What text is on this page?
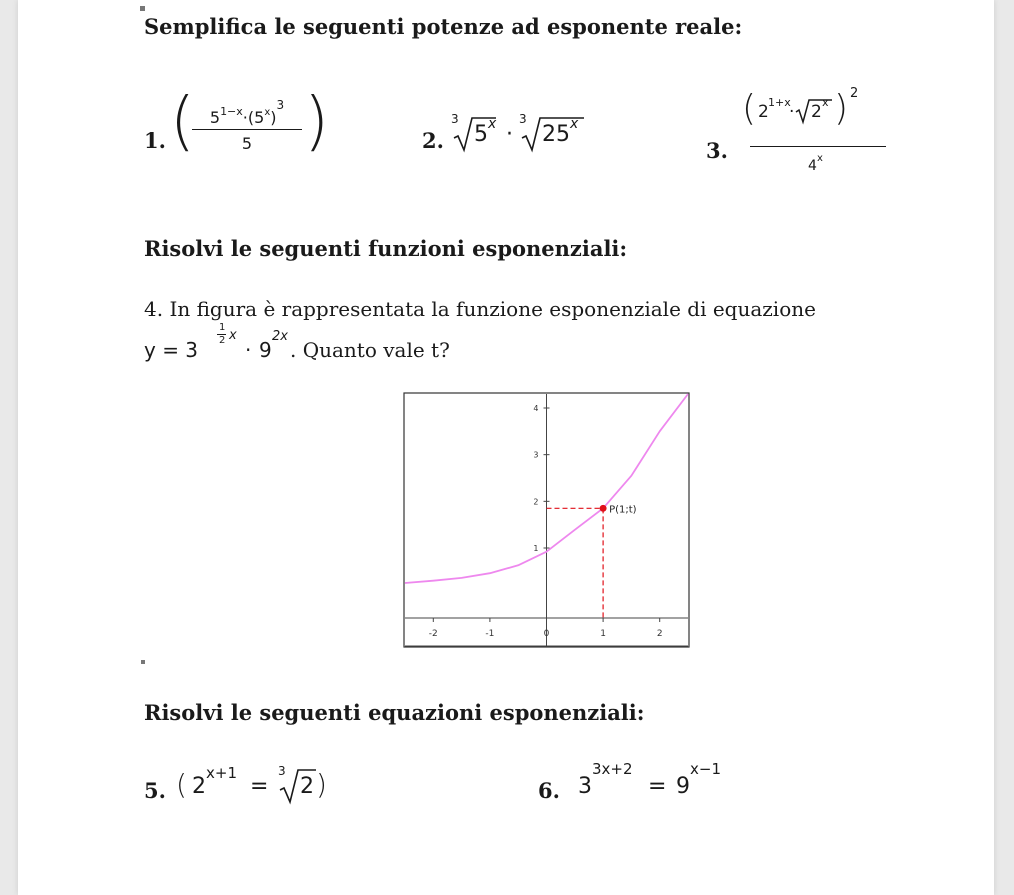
Semplifica le seguenti potenze ad esponente reale:
1. (
$\frac{5^{1-x}\cdot(5^x)^3}{5}$ )	2.
3
5 x ·
3
25 x
3.
( 2 1+x
· 2 x ) 2
4 x
Risolvi le seguenti funzioni esponenziali:
4. In figura è rappresentata la funzione esponenziale di equazione
y = 3
1
2 x
· 9
2x
. Quanto vale t?
-2	-1	0	1	2
1
2
3
4
P(1;t)
Risolvi le seguenti equazioni esponenziali:
5. ( 2
x+1
=
3
2 )	6. 3
3x+2
= 9
x−1
